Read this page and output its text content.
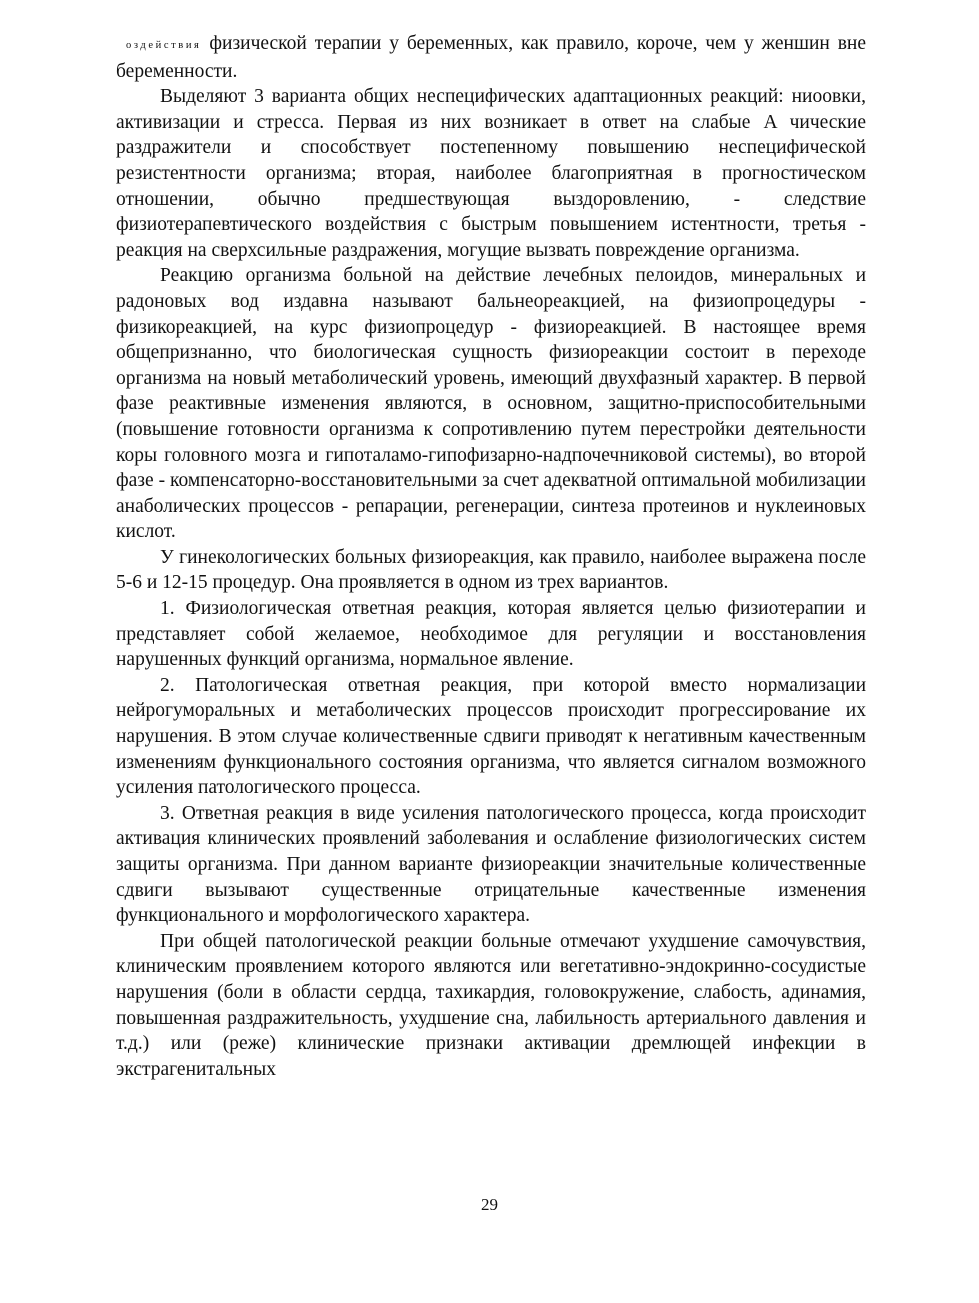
оздействия физической терапии у беременных, как правило, короче, чем у женшин вне беременности.

Выделяют 3 варианта общих неспецифических адаптационных реакций: ниоовки, активизации и стресса. Первая из них возникает в ответ на слабые A чические раздражители и способствует постепенному повышению неспецифической резистентности организма; вторая, наиболее благоприятная в прогностическом отношении, обычно предшествующая выздоровлению, - следствие физиотерапевтического воздействия с быстрым повышением истентности, третья - реакция на сверхсильные раздражения, могущие вызвать повреждение организма.

Реакцию организма больной на действие лечебных пелоидов, минеральных и радоновых вод издавна называют бальнеореакцией, на физиопроцедуры - физикореакцией, на курс физиопроцедур - физиореакцией. В настоящее время общепризнанно, что биологическая сущность физиореакции состоит в переходе организма на новый метаболический уровень, имеющий двухфазный характер. В первой фазе реактивные изменения являются, в основном, защитно-приспособительными (повышение готовности организма к сопротивлению путем перестройки деятельности коры головного мозга и гипоталамо-гипофизарно-надпочечниковой системы), во второй фазе - компенсаторно-восстановительными за счет адекватной оптимальной мобилизации анаболических процессов - репарации, регенерации, синтеза протеинов и нуклеиновых кислот.

У гинекологических больных физиореакция, как правило, наиболее выражена после 5-6 и 12-15 процедур. Она проявляется в одном из трех вариантов.

1. Физиологическая ответная реакция, которая является целью физиотерапии и представляет собой желаемое, необходимое для регуляции и восстановления нарушенных функций организма, нормальное явление.

2. Патологическая ответная реакция, при которой вместо нормализации нейрогуморальных и метаболических процессов происходит прогрессирование их нарушения. В этом случае количественные сдвиги приводят к негативным качественным изменениям функционального состояния организма, что является сигналом возможного усиления патологического процесса.

3. Ответная реакция в виде усиления патологического процесса, когда происходит активация клинических проявлений заболевания и ослабление физиологических систем защиты организма. При данном варианте физиореакции значительные количественные сдвиги вызывают существенные отрицательные качественные изменения функционального и морфологического характера.

При общей патологической реакции больные отмечают ухудшение самочувствия, клиническим проявлением которого являются или вегетативно-эндокринно-сосудистые нарушения (боли в области сердца, тахикардия, головокружение, слабость, адинамия, повышенная раздражительность, ухудшение сна, лабильность артериального давления и т.д.) или (реже) клинические признаки активации дремлющей инфекции в экстрагенитальных

29
